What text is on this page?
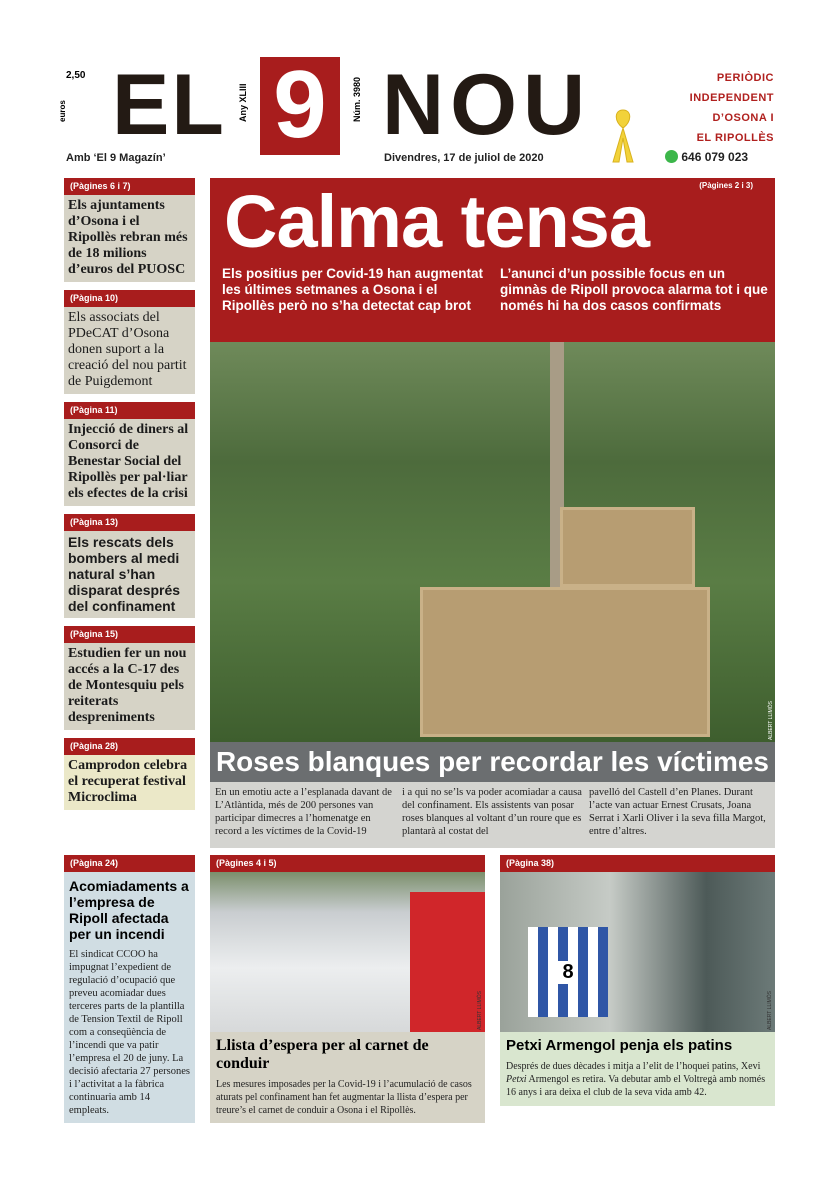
2,50
euros EL Any XLIII 9	Núm. 3980 NOU	PERIÒDIC
INDEPENDENT
D’OSONA I
EL RIPOLLÈS
Amb ‘El 9 Magazín’	Divendres, 17 de juliol de 2020	646 079 023
(Pàgines 6 i 7)
Els ajuntaments d’Osona i el Ripollès rebran més de 18 milions d’euros del PUOSC
(Pàgina 10)
Els associats del PDeCAT d’Osona donen suport a la creació del nou partit de Puigdemont
(Pàgina 11)
Injecció de diners al Consorci de Benestar Social del Ripollès per pal·liar els efectes de la crisi
(Pàgina 13)
Els rescats dels bombers al medi natural s’han disparat després del confinament
(Pàgina 15)
Estudien fer un nou accés a la C-17 des de Montesquiu pels reiterats despreniments
(Pàgina 28)
Camprodon celebra el recuperat festival Microclima
ALBERT LLIMÓS
(Pàgines 2 i 3)
Calma tensa
Els positius per Covid-19 han augmentat les últimes setmanes a Osona i el Ripollès però no s’ha detectat cap brot
L’anunci d’un possible focus en un gimnàs de Ripoll provoca alarma tot i que només hi ha dos casos confirmats
Roses blanques per recordar les víctimes
En un emotiu acte a l’esplanada davant de L’Atlàntida, més de 200 persones van participar dimecres a l’homenatge en record a les víctimes de la Covid-19
i a qui no se’ls va poder acomiadar a causa del confinament. Els assistents van posar roses blanques al voltant d’un roure que es plantarà al costat del
pavelló del Castell d’en Planes. Durant l’acte van actuar Ernest Crusats, Joana Serrat i Xarli Oliver i la seva filla Margot, entre d’altres.
(Pàgina 24)
Acomiadaments a l’empresa de Ripoll afectada per un incendi
El sindicat CCOO ha impugnat l’expedient de regulació d’ocupació que preveu acomiadar dues terceres parts de la plantilla de Tension Textil de Ripoll com a conseqüència de l’incendi que va patir l’empresa el 20 de juny. La decisió afectaria 27 persones i l’activitat a la fàbrica continuaria amb 14 empleats.
(Pàgines 4 i 5)
ALBERT LLIMÓS
Llista d’espera per al carnet de conduir
Les mesures imposades per la Covid-19 i l’acumulació de casos aturats pel confinament han fet augmentar la llista d’espera per treure’s el carnet de conduir a Osona i el Ripollès.
(Pàgina 38)
8
ALBERT LLIMÓS
Petxi Armengol penja els patins
Després de dues dècades i mitja a l’elit de l’hoquei patins, Xevi Petxi Armengol es retira. Va debutar amb el Voltregà amb només 16 anys i ara deixa el club de la seva vida amb 42.
